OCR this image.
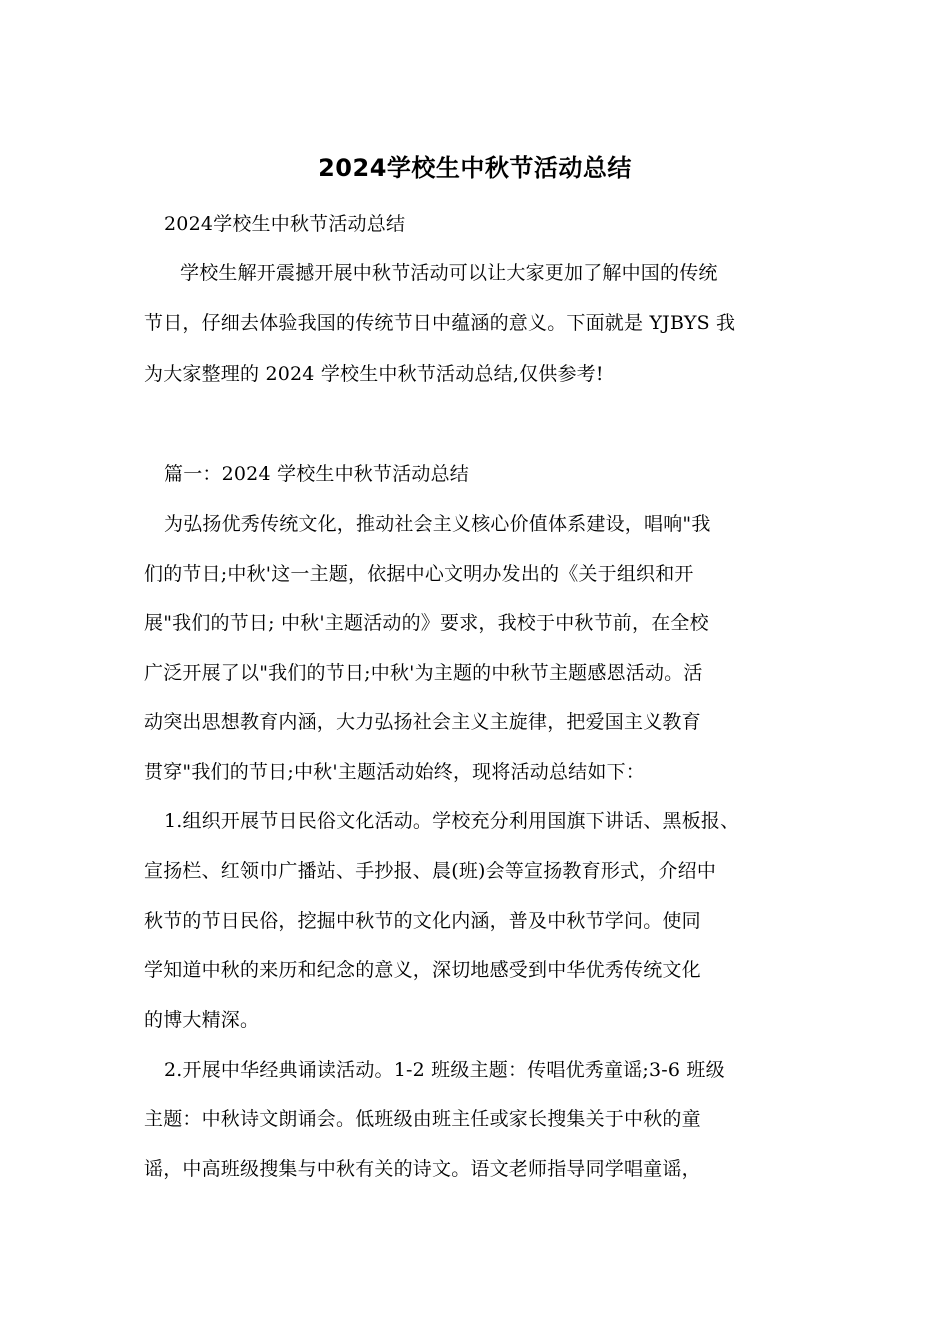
2024学校生中秋节活动总结
2024学校生中秋节活动总结
学校生解开震撼开展中秋节活动可以让大家更加了解中国的传统
节日，仔细去体验我国的传统节日中蕴涵的意义。下面就是 YJBYS 我
为大家整理的 2024 学校生中秋节活动总结,仅供参考!
篇一：2024 学校生中秋节活动总结
为弘扬优秀传统文化，推动社会主义核心价值体系建设，唱响"我
们的节日;中秋'这一主题，依据中心文明办发出的《关于组织和开
展"我们的节日; 中秋'主题活动的》要求，我校于中秋节前，在全校
广泛开展了以"我们的节日;中秋'为主题的中秋节主题感恩活动。活
动突出思想教育内涵，大力弘扬社会主义主旋律，把爱国主义教育
贯穿"我们的节日;中秋'主题活动始终，现将活动总结如下：
1.组织开展节日民俗文化活动。学校充分利用国旗下讲话、黑板报、
宣扬栏、红领巾广播站、手抄报、晨(班)会等宣扬教育形式，介绍中
秋节的节日民俗，挖掘中秋节的文化内涵，普及中秋节学问。使同
学知道中秋的来历和纪念的意义，深切地感受到中华优秀传统文化
的博大精深。
2.开展中华经典诵读活动。1-2 班级主题：传唱优秀童谣;3-6 班级
主题：中秋诗文朗诵会。低班级由班主任或家长搜集关于中秋的童
谣，中高班级搜集与中秋有关的诗文。语文老师指导同学唱童谣，
